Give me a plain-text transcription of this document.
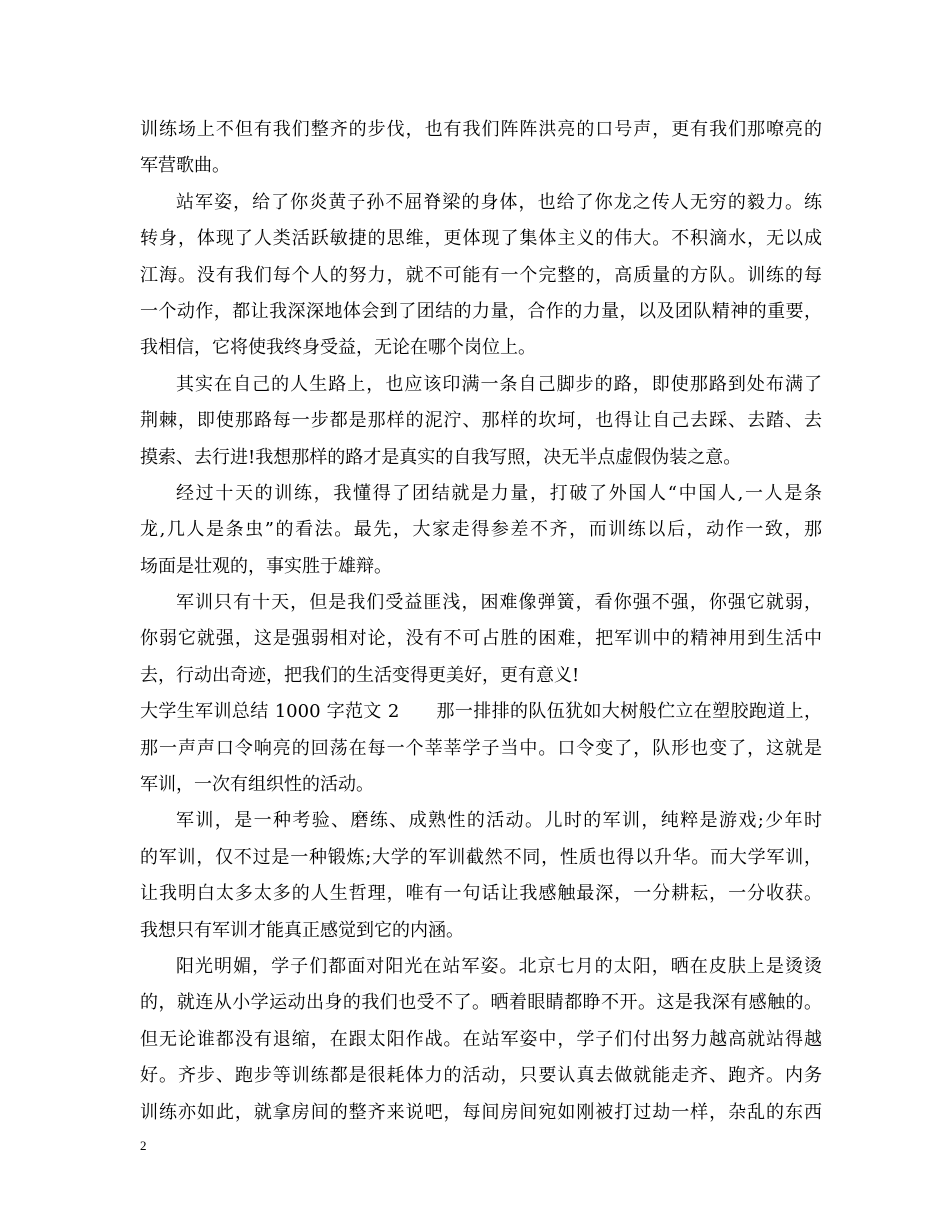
训练场上不但有我们整齐的步伐，也有我们阵阵洪亮的口号声，更有我们那嘹亮的
军营歌曲。
站军姿，给了你炎黄子孙不屈脊梁的身体，也给了你龙之传人无穷的毅力。练
转身，体现了人类活跃敏捷的思维，更体现了集体主义的伟大。不积滴水，无以成
江海。没有我们每个人的努力，就不可能有一个完整的，高质量的方队。训练的每
一个动作，都让我深深地体会到了团结的力量，合作的力量，以及团队精神的重要，
我相信，它将使我终身受益，无论在哪个岗位上。
其实在自己的人生路上，也应该印满一条自己脚步的路，即使那路到处布满了
荆棘，即使那路每一步都是那样的泥泞、那样的坎坷，也得让自己去踩、去踏、去
摸索、去行进!我想那样的路才是真实的自我写照，决无半点虚假伪装之意。
经过十天的训练，我懂得了团结就是力量，打破了外国人“中国人,一人是条
龙,几人是条虫”的看法。最先，大家走得参差不齐，而训练以后，动作一致，那
场面是壮观的，事实胜于雄辩。
军训只有十天，但是我们受益匪浅，困难像弹簧，看你强不强，你强它就弱，
你弱它就强，这是强弱相对论，没有不可占胜的困难，把军训中的精神用到生活中
去，行动出奇迹，把我们的生活变得更美好，更有意义!
大学生军训总结 1000 字范文 2　　那一排排的队伍犹如大树般伫立在塑胶跑道上，
那一声声口令响亮的回荡在每一个莘莘学子当中。口令变了，队形也变了，这就是
军训，一次有组织性的活动。
军训，是一种考验、磨练、成熟性的活动。儿时的军训，纯粹是游戏;少年时
的军训，仅不过是一种锻炼;大学的军训截然不同，性质也得以升华。而大学军训，
让我明白太多太多的人生哲理，唯有一句话让我感触最深，一分耕耘，一分收获。
我想只有军训才能真正感觉到它的内涵。
阳光明媚，学子们都面对阳光在站军姿。北京七月的太阳，晒在皮肤上是烫烫
的，就连从小学运动出身的我们也受不了。晒着眼睛都睁不开。这是我深有感触的。
但无论谁都没有退缩，在跟太阳作战。在站军姿中，学子们付出努力越高就站得越
好。齐步、跑步等训练都是很耗体力的活动，只要认真去做就能走齐、跑齐。内务
训练亦如此，就拿房间的整齐来说吧，每间房间宛如刚被打过劫一样，杂乱的东西
2
